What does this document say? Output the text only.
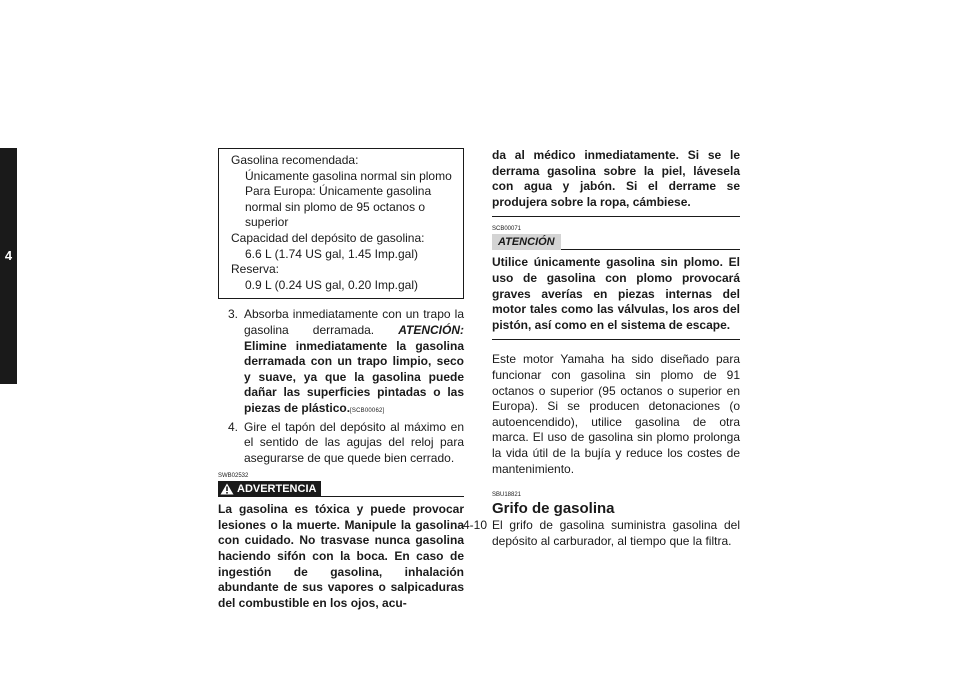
4
Gasolina recomendada:
Únicamente gasolina normal sin plomo
Para Europa: Únicamente gasolina normal sin plomo de 95 octanos o superior
Capacidad del depósito de gasolina:
6.6 L (1.74 US gal, 1.45 Imp.gal)
Reserva:
0.9 L (0.24 US gal, 0.20 Imp.gal)
3. Absorba inmediatamente con un trapo la gasolina derramada. ATENCIÓN: Elimine inmediatamente la gasolina derramada con un trapo limpio, seco y suave, ya que la gasolina puede dañar las superficies pintadas o las piezas de plástico.[SCB00062]
4. Gire el tapón del depósito al máximo en el sentido de las agujas del reloj para asegurarse de que quede bien cerrado.
SWB02532
ADVERTENCIA
La gasolina es tóxica y puede provocar lesiones o la muerte. Manipule la gasolina con cuidado. No trasvase nunca gasolina haciendo sifón con la boca. En caso de ingestión de gasolina, inhalación abundante de sus vapores o salpicaduras del combustible en los ojos, acu-
da al médico inmediatamente. Si se le derrama gasolina sobre la piel, lávesela con agua y jabón. Si el derrame se produjera sobre la ropa, cámbiese.
SCB00071
ATENCIÓN
Utilice únicamente gasolina sin plomo. El uso de gasolina con plomo provocará graves averías en piezas internas del motor tales como las válvulas, los aros del pistón, así como en el sistema de escape.
Este motor Yamaha ha sido diseñado para funcionar con gasolina sin plomo de 91 octanos o superior (95 octanos o superior en Europa). Si se producen detonaciones (o autoencendido), utilice gasolina de otra marca. El uso de gasolina sin plomo prolonga la vida útil de la bujía y reduce los costes de mantenimiento.
SBU18821
Grifo de gasolina
El grifo de gasolina suministra gasolina del depósito al carburador, al tiempo que la filtra.
4-10
